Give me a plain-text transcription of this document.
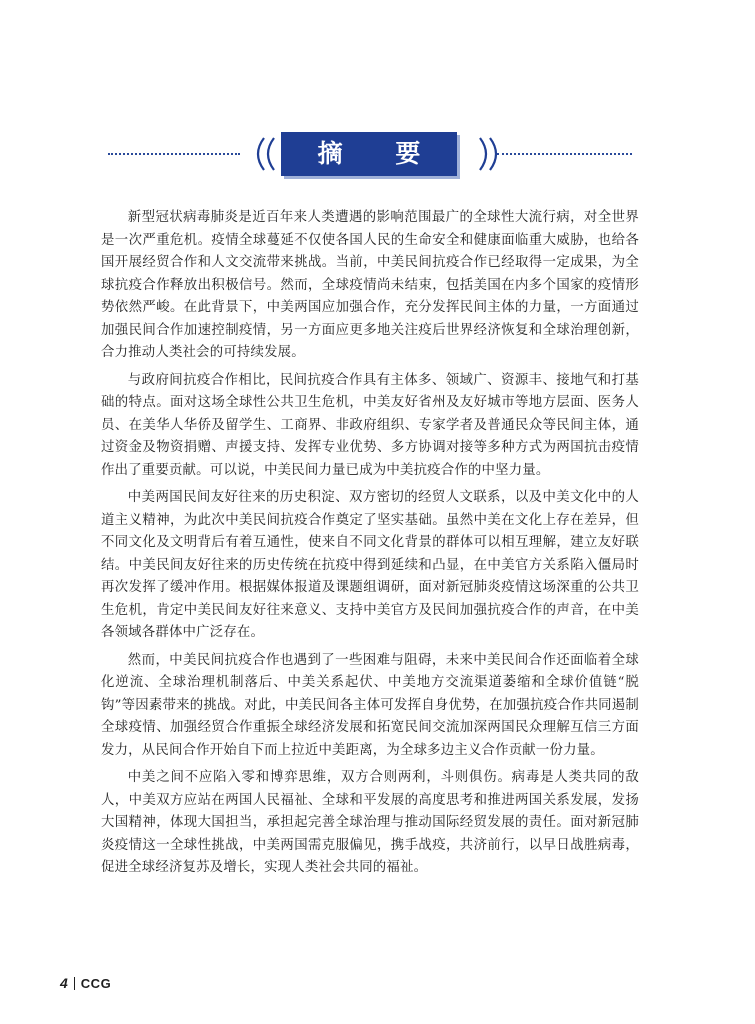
摘 要

新型冠状病毒肺炎是近百年来人类遭遇的影响范围最广的全球性大流行病，对全世界是一次严重危机。疫情全球蔓延不仅使各国人民的生命安全和健康面临重大威胁，也给各国开展经贸合作和人文交流带来挑战。当前，中美民间抗疫合作已经取得一定成果，为全球抗疫合作释放出积极信号。然而，全球疫情尚未结束，包括美国在内多个国家的疫情形势依然严峻。在此背景下，中美两国应加强合作，充分发挥民间主体的力量，一方面通过加强民间合作加速控制疫情，另一方面应更多地关注疫后世界经济恢复和全球治理创新，合力推动人类社会的可持续发展。

与政府间抗疫合作相比，民间抗疫合作具有主体多、领域广、资源丰、接地气和打基础的特点。面对这场全球性公共卫生危机，中美友好省州及友好城市等地方层面、医务人员、在美华人华侨及留学生、工商界、非政府组织、专家学者及普通民众等民间主体，通过资金及物资捐赠、声援支持、发挥专业优势、多方协调对接等多种方式为两国抗击疫情作出了重要贡献。可以说，中美民间力量已成为中美抗疫合作的中坚力量。

中美两国民间友好往来的历史积淀、双方密切的经贸人文联系，以及中美文化中的人道主义精神，为此次中美民间抗疫合作奠定了坚实基础。虽然中美在文化上存在差异，但不同文化及文明背后有着互通性，使来自不同文化背景的群体可以相互理解，建立友好联结。中美民间友好往来的历史传统在抗疫中得到延续和凸显，在中美官方关系陷入僵局时再次发挥了缓冲作用。根据媒体报道及课题组调研，面对新冠肺炎疫情这场深重的公共卫生危机，肯定中美民间友好往来意义、支持中美官方及民间加强抗疫合作的声音，在中美各领域各群体中广泛存在。

然而，中美民间抗疫合作也遇到了一些困难与阻碍，未来中美民间合作还面临着全球化逆流、全球治理机制落后、中美关系起伏、中美地方交流渠道萎缩和全球价值链“脱钩”等因素带来的挑战。对此，中美民间各主体可发挥自身优势，在加强抗疫合作共同遏制全球疫情、加强经贸合作重振全球经济发展和拓宽民间交流加深两国民众理解互信三方面发力，从民间合作开始自下而上拉近中美距离，为全球多边主义合作贡献一份力量。

中美之间不应陷入零和博弈思维，双方合则两利，斗则俱伤。病毒是人类共同的敌人，中美双方应站在两国人民福祉、全球和平发展的高度思考和推进两国关系发展，发扬大国精神，体现大国担当，承担起完善全球治理与推动国际经贸发展的责任。面对新冠肺炎疫情这一全球性挑战，中美两国需克服偏见，携手战疫，共济前行，以早日战胜病毒，促进全球经济复苏及增长，实现人类社会共同的福祉。

4 CCG
